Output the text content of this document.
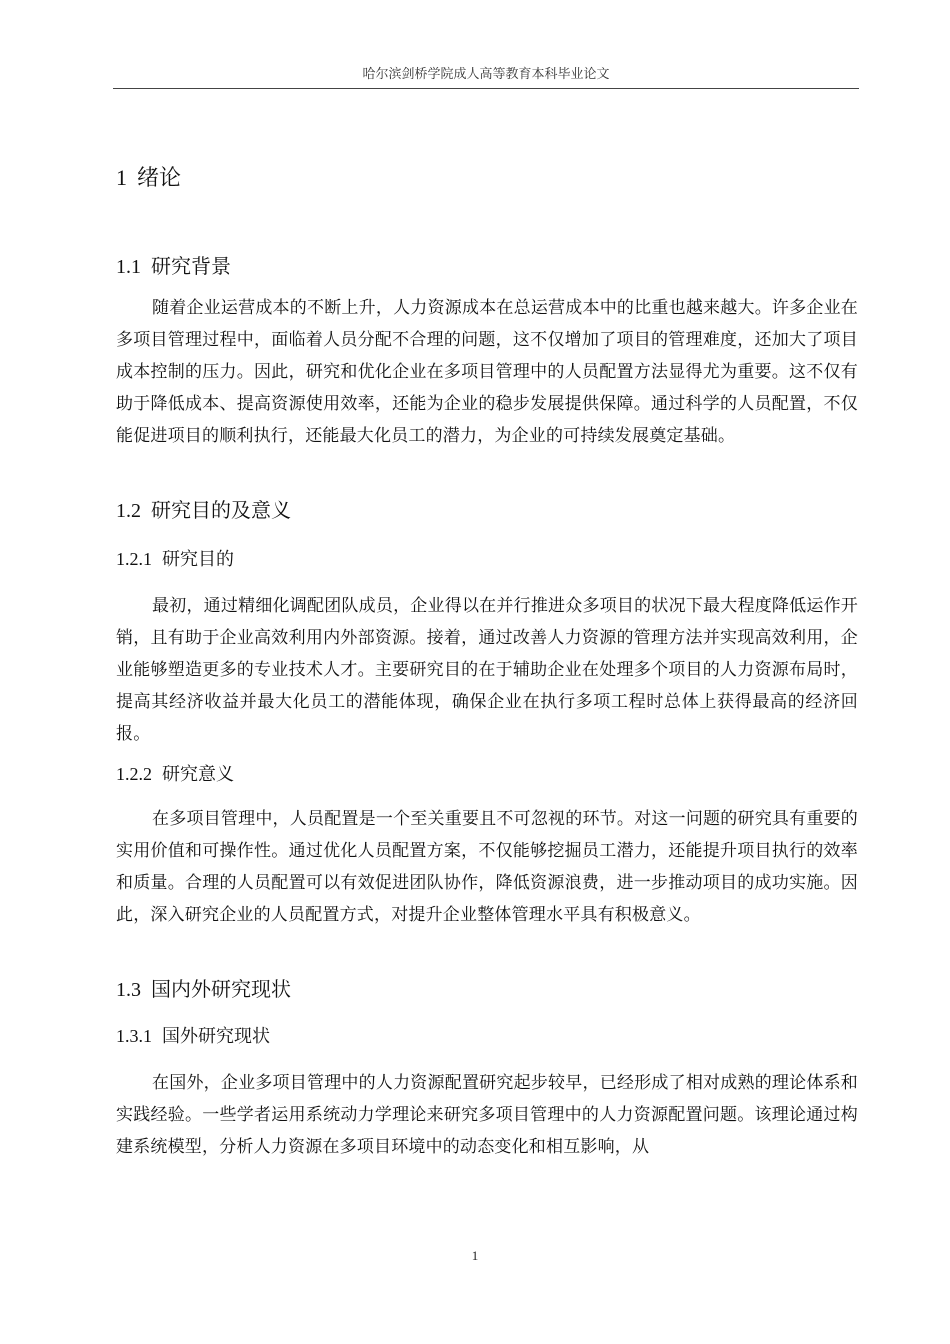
哈尔滨剑桥学院成人高等教育本科毕业论文
1 绪论
1.1 研究背景

随着企业运营成本的不断上升，人力资源成本在总运营成本中的比重也越来越大。许多企业在多项目管理过程中，面临着人员分配不合理的问题，这不仅增加了项目的管理难度，还加大了项目成本控制的压力。因此，研究和优化企业在多项目管理中的人员配置方法显得尤为重要。这不仅有助于降低成本、提高资源使用效率，还能为企业的稳步发展提供保障。通过科学的人员配置，不仅能促进项目的顺利执行，还能最大化员工的潜力，为企业的可持续发展奠定基础。

1.2 研究目的及意义
1.2.1 研究目的

最初，通过精细化调配团队成员，企业得以在并行推进众多项目的状况下最大程度降低运作开销，且有助于企业高效利用内外部资源。接着，通过改善人力资源的管理方法并实现高效利用，企业能够塑造更多的专业技术人才。主要研究目的在于辅助企业在处理多个项目的人力资源布局时，提高其经济收益并最大化员工的潜能体现，确保企业在执行多项工程时总体上获得最高的经济回报。

1.2.2 研究意义

在多项目管理中，人员配置是一个至关重要且不可忽视的环节。对这一问题的研究具有重要的实用价值和可操作性。通过优化人员配置方案，不仅能够挖掘员工潜力，还能提升项目执行的效率和质量。合理的人员配置可以有效促进团队协作，降低资源浪费，进一步推动项目的成功实施。因此，深入研究企业的人员配置方式，对提升企业整体管理水平具有积极意义。

1.3 国内外研究现状
1.3.1 国外研究现状

在国外，企业多项目管理中的人力资源配置研究起步较早，已经形成了相对成熟的理论体系和实践经验。一些学者运用系统动力学理论来研究多项目管理中的人力资源配置问题。该理论通过构建系统模型，分析人力资源在多项目环境中的动态变化和相互影响，从

1
